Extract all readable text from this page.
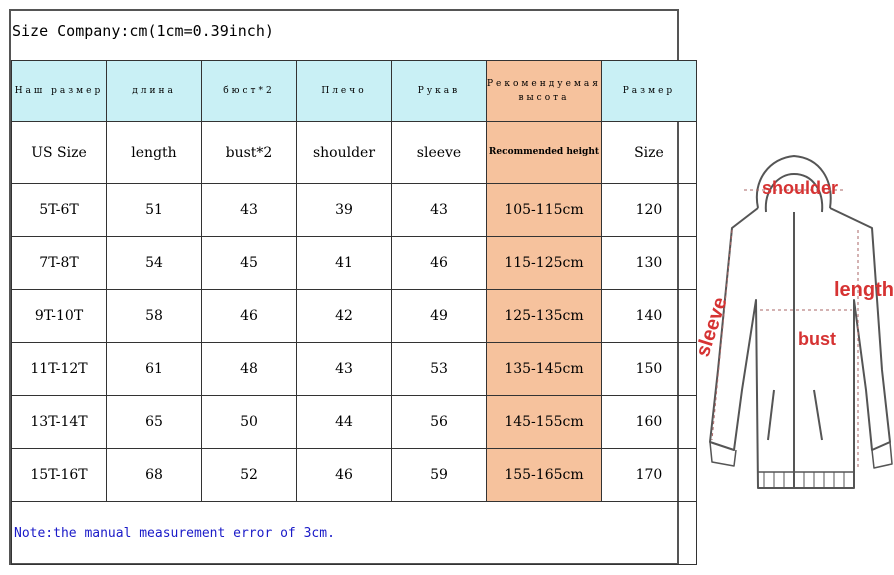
Size Company:cm(1cm=0.39inch)
Наш размер	длина	бюст*2	Плечо	Рукав	Рекомендуемая высота	Размер
US Size	length	bust*2	shoulder	sleeve	Recommended height	Size
5T-6T	51	43	39	43	105-115cm	120
7T-8T	54	45	41	46	115-125cm	130
9T-10T	58	46	42	49	125-135cm	140
11T-12T	61	48	43	53	135-145cm	150
13T-14T	65	50	44	56	145-155cm	160
15T-16T	68	52	46	59	155-165cm	170
Note:the manual measurement error of 3cm.						
shoulder
length
bust
sleeve
